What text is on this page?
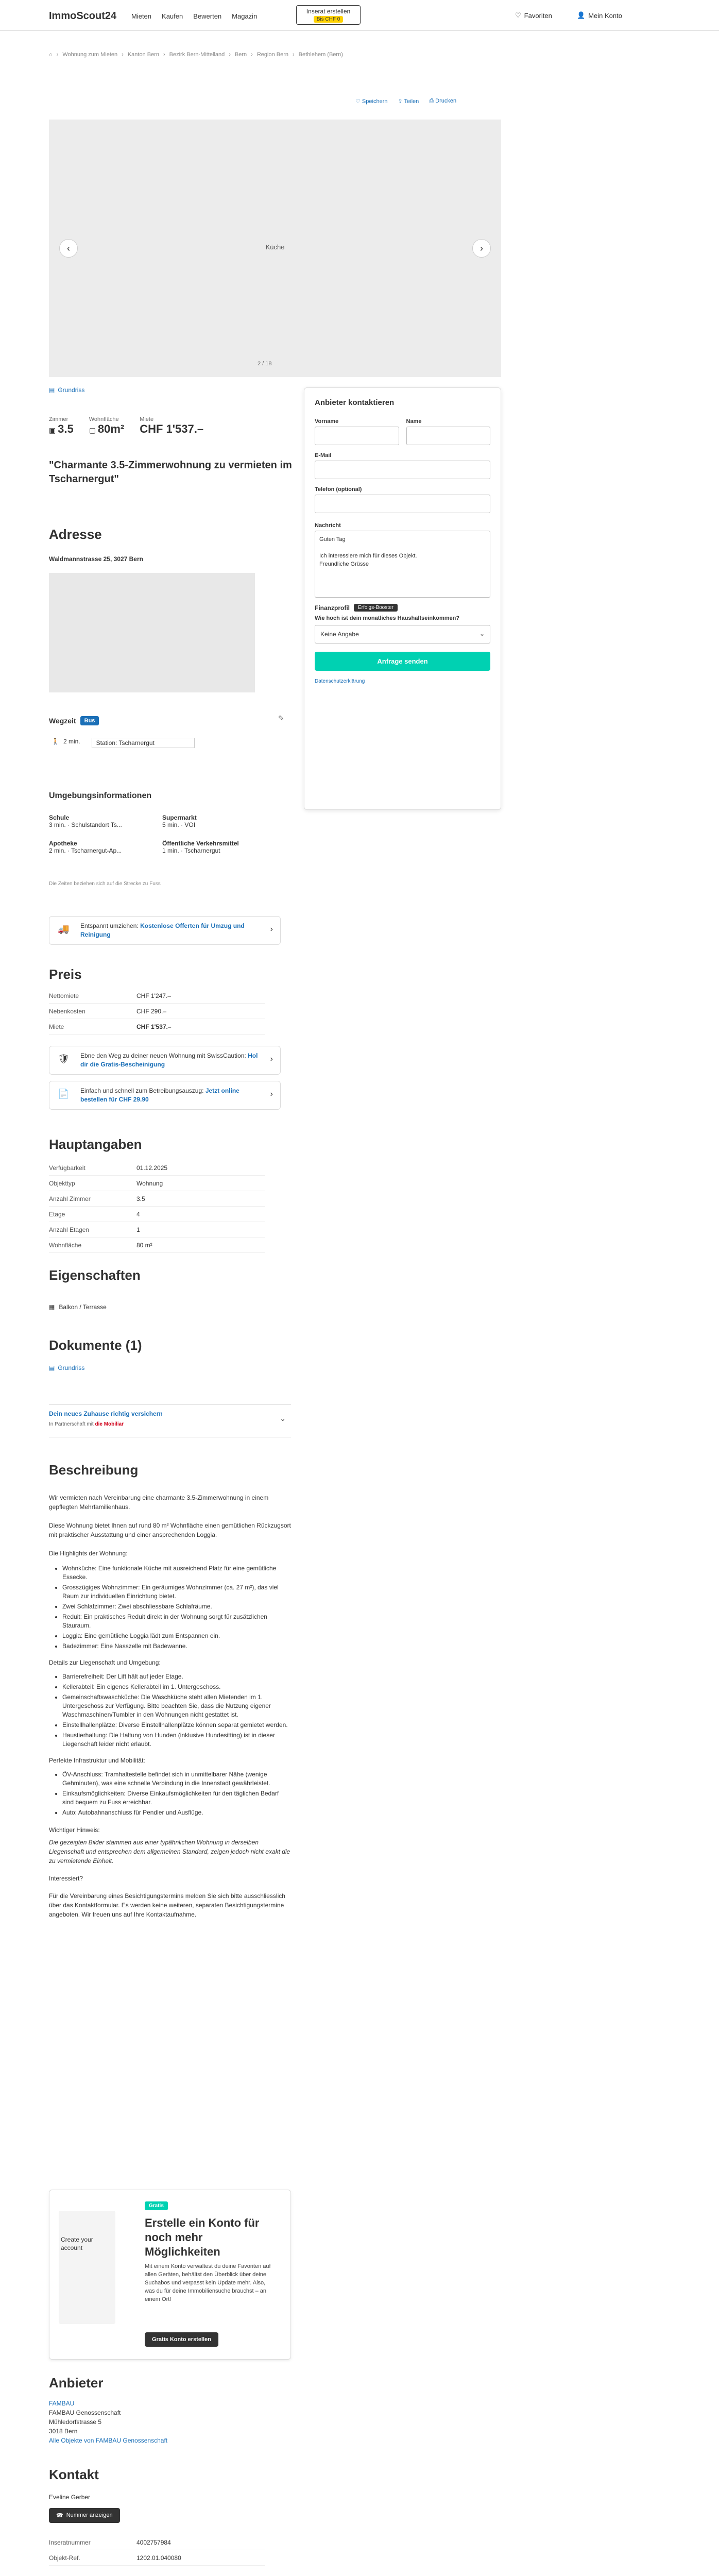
ImmoScout24 Mieten Kaufen Bewerten Magazin
Inserat erstellen
Bis CHF 0
♡ Favoriten	👤 Mein Konto
⌂ › Wohnung zum Mieten › Kanton Bern › Bezirk Bern-Mittelland › Bern › Region Bern › Bethlehem (Bern)
♡ Speichern ⇪ Teilen ⎙ Drucken
Küche
‹	›
2 / 18
▤ Grundriss
Zimmer
▣ 3.5
Wohnfläche
▢ 80m²
Miete
CHF 1'537.–
"Charmante 3.5-Zimmerwohnung zu vermieten im Tscharnergut"
Adresse
Waldmannstrasse 25, 3027 Bern
Wegzeit	Bus	✎
🚶 2 min.	Station: Tscharnergut
Umgebungsinformationen
Schule
3 min. · Schulstandort Ts...
Supermarkt
5 min. · VOI
Apotheke
2 min. · Tscharnergut-Ap...
Öffentliche Verkehrsmittel
1 min. · Tscharnergut
Die Zeiten beziehen sich auf die Strecke zu Fuss
🚚 Entspannt umziehen: Kostenlose Offerten für Umzug und Reinigung
›
Preis
Nettomiete	CHF 1'247.–
Nebenkosten	CHF 290.–
Miete	CHF 1'537.–
🛡 Ebne den Weg zu deiner neuen Wohnung mit SwissCaution: Hol dir die Gratis-Bescheinigung
›
📄 Einfach und schnell zum Betreibungsauszug: Jetzt online bestellen für CHF 29.90
›
Hauptangaben
Verfügbarkeit	01.12.2025
Objekttyp	Wohnung
Anzahl Zimmer	3.5
Etage	4
Anzahl Etagen	1
Wohnfläche	80 m²
Eigenschaften
▦ Balkon / Terrasse
Dokumente (1)
▤ Grundriss
Dein neues Zuhause richtig versichern
In Partnerschaft mit die Mobiliar
⌄
Beschreibung

Wir vermieten nach Vereinbarung eine charmante 3.5-Zimmerwohnung in einem gepflegten Mehrfamilienhaus.

Diese Wohnung bietet Ihnen auf rund 80 m² Wohnfläche einen gemütlichen Rückzugsort mit praktischer Ausstattung und einer ansprechenden Loggia.

Die Highlights der Wohnung:

• Wohnküche: Eine funktionale Küche mit ausreichend Platz für eine gemütliche Essecke.
• Grosszügiges Wohnzimmer: Ein geräumiges Wohnzimmer (ca. 27 m²), das viel Raum zur individuellen Einrichtung bietet.
• Zwei Schlafzimmer: Zwei abschliessbare Schlafräume.
• Reduit: Ein praktisches Reduit direkt in der Wohnung sorgt für zusätzlichen Stauraum.
• Loggia: Eine gemütliche Loggia lädt zum Entspannen ein.
• Badezimmer: Eine Nasszelle mit Badewanne.

Details zur Liegenschaft und Umgebung:

• Barrierefreiheit: Der Lift hält auf jeder Etage.
• Kellerabteil: Ein eigenes Kellerabteil im 1. Untergeschoss.
• Gemeinschaftswaschküche: Die Waschküche steht allen Mietenden im 1. Untergeschoss zur Verfügung. Bitte beachten Sie, dass die Nutzung eigener Waschmaschinen/Tumbler in den Wohnungen nicht gestattet ist.
• Einstellhallenplätze: Diverse Einstellhallenplätze können separat gemietet werden.
• Haustierhaltung: Die Haltung von Hunden (inklusive Hundesitting) ist in dieser Liegenschaft leider nicht erlaubt.

Perfekte Infrastruktur und Mobilität:

• ÖV-Anschluss: Tramhaltestelle befindet sich in unmittelbarer Nähe (wenige Gehminuten), was eine schnelle Verbindung in die Innenstadt gewährleistet.
• Einkaufsmöglichkeiten: Diverse Einkaufsmöglichkeiten für den täglichen Bedarf sind bequem zu Fuss erreichbar.
• Auto: Autobahnanschluss für Pendler und Ausflüge.

Wichtiger Hinweis:

Die gezeigten Bilder stammen aus einer typähnlichen Wohnung in derselben Liegenschaft und entsprechen dem allgemeinen Standard, zeigen jedoch nicht exakt die zu vermietende Einheit.

Interessiert?

Für die Vereinbarung eines Besichtigungstermins melden Sie sich bitte ausschliesslich über das Kontaktformular. Es werden keine weiteren, separaten Besichtigungstermine angeboten. Wir freuen uns auf Ihre Kontaktaufnahme.

Create your account
Gratis
Erstelle ein Konto für noch mehr Möglichkeiten
Mit einem Konto verwaltest du deine Favoriten auf allen Geräten, behältst den Überblick über deine Suchabos und verpasst kein Update mehr. Also, was du für deine Immobiliensuche brauchst – an einem Ort!
Gratis Konto erstellen
Anbieter
FAMBAU
FAMBAU Genossenschaft
Mühledorfstrasse 5
3018 Bern
Alle Objekte von FAMBAU Genossenschaft
Kontakt
Eveline Gerber
☎ Nummer anzeigen
Inseratnummer	4002757984
Objekt-Ref.	1202.01.040080
Anbieter kontaktieren
Vorname	Name
E-Mail
Telefon (optional)
Nachricht
Guten Tag

Ich interessiere mich für dieses Objekt.
Freundliche Grüsse
Finanzprofil	Erfolgs-Booster
Wie hoch ist dein monatliches Haushaltseinkommen?
Keine Angabe	⌄
Anfrage senden
Datenschutzerklärung
